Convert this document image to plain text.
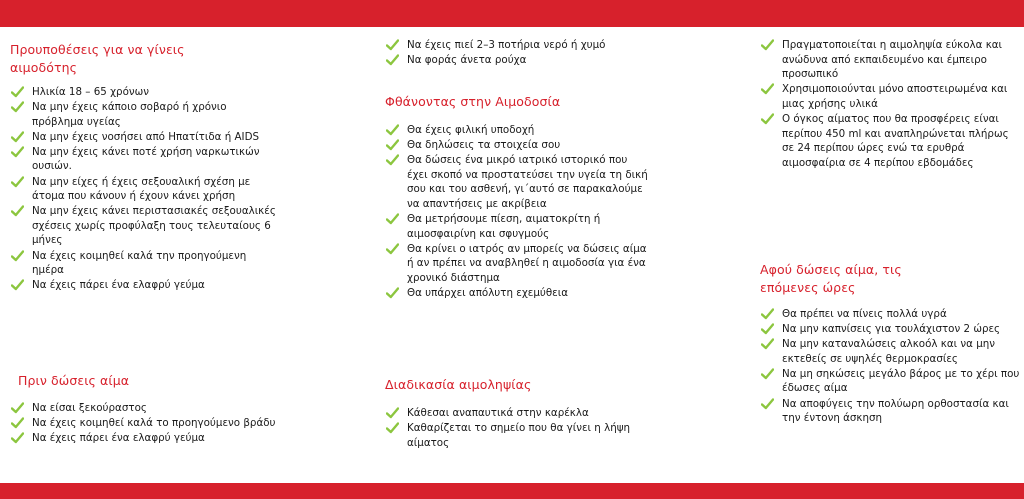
Προυποθέσεις για να γίνεις αιμοδότης
Ηλικία 18 – 65 χρόνων
Να μην έχεις κάποιο σοβαρό ή χρόνιο πρόβλημα υγείας
Να μην έχεις νοσήσει από Ηπατίτιδα ή AIDS
Να μην έχεις κάνει ποτέ χρήση ναρκωτικών ουσιών.
Να μην είχες ή έχεις σεξουαλική σχέση με άτομα που κάνουν ή έχουν κάνει χρήση
Να μην έχεις κάνει περιστασιακές σεξουαλικές σχέσεις χωρίς προφύλαξη τους τελευταίους 6 μήνες
Να έχεις κοιμηθεί καλά την προηγούμενη ημέρα
Να έχεις πάρει ένα ελαφρύ γεύμα
Πριν δώσεις αίμα
Να είσαι ξεκούραστος
Να έχεις κοιμηθεί καλά το προηγούμενο βράδυ
Να έχεις πάρει ένα ελαφρύ γεύμα
Να έχεις πιεί 2–3 ποτήρια νερό ή χυμό
Να φοράς άνετα ρούχα
Φθάνοντας στην Αιμοδοσία
Θα έχεις φιλική υποδοχή
Θα δηλώσεις τα στοιχεία σου
Θα δώσεις ένα μικρό ιατρικό ιστορικό που έχει σκοπό να προστατεύσει την υγεία τη δική σου και του ασθενή, γι΄αυτό σε παρακαλούμε να απαντήσεις με ακρίβεια
Θα μετρήσουμε πίεση, αιματοκρίτη ή αιμοσφαιρίνη και σφυγμούς
Θα κρίνει ο ιατρός αν μπορείς να δώσεις αίμα ή αν πρέπει να αναβληθεί η αιμοδοσία για ένα χρονικό διάστημα
Θα υπάρχει απόλυτη εχεμύθεια
Διαδικασία αιμοληψίας
Κάθεσαι αναπαυτικά στην καρέκλα
Καθαρίζεται το σημείο που θα γίνει η λήψη αίματος
Πραγματοποιείται η αιμοληψία εύκολα και ανώδυνα από εκπαιδευμένο και έμπειρο προσωπικό
Χρησιμοποιούνται μόνο αποστειρωμένα και μιας χρήσης υλικά
Ο όγκος αίματος που θα προσφέρεις είναι περίπου 450 ml και αναπληρώνεται πλήρως σε 24 περίπου ώρες ενώ τα ερυθρά αιμοσφαίρια σε 4 περίπου εβδομάδες
Αφού δώσεις αίμα, τις επόμενες ώρες
Θα πρέπει να πίνεις πολλά υγρά
Να μην καπνίσεις για τουλάχιστον 2 ώρες
Να μην καταναλώσεις αλκοόλ και να μην εκτεθείς σε υψηλές θερμοκρασίες
Να μη σηκώσεις μεγάλο βάρος με το χέρι που έδωσες αίμα
Να αποφύγεις την πολύωρη ορθοστασία και την έντονη άσκηση
